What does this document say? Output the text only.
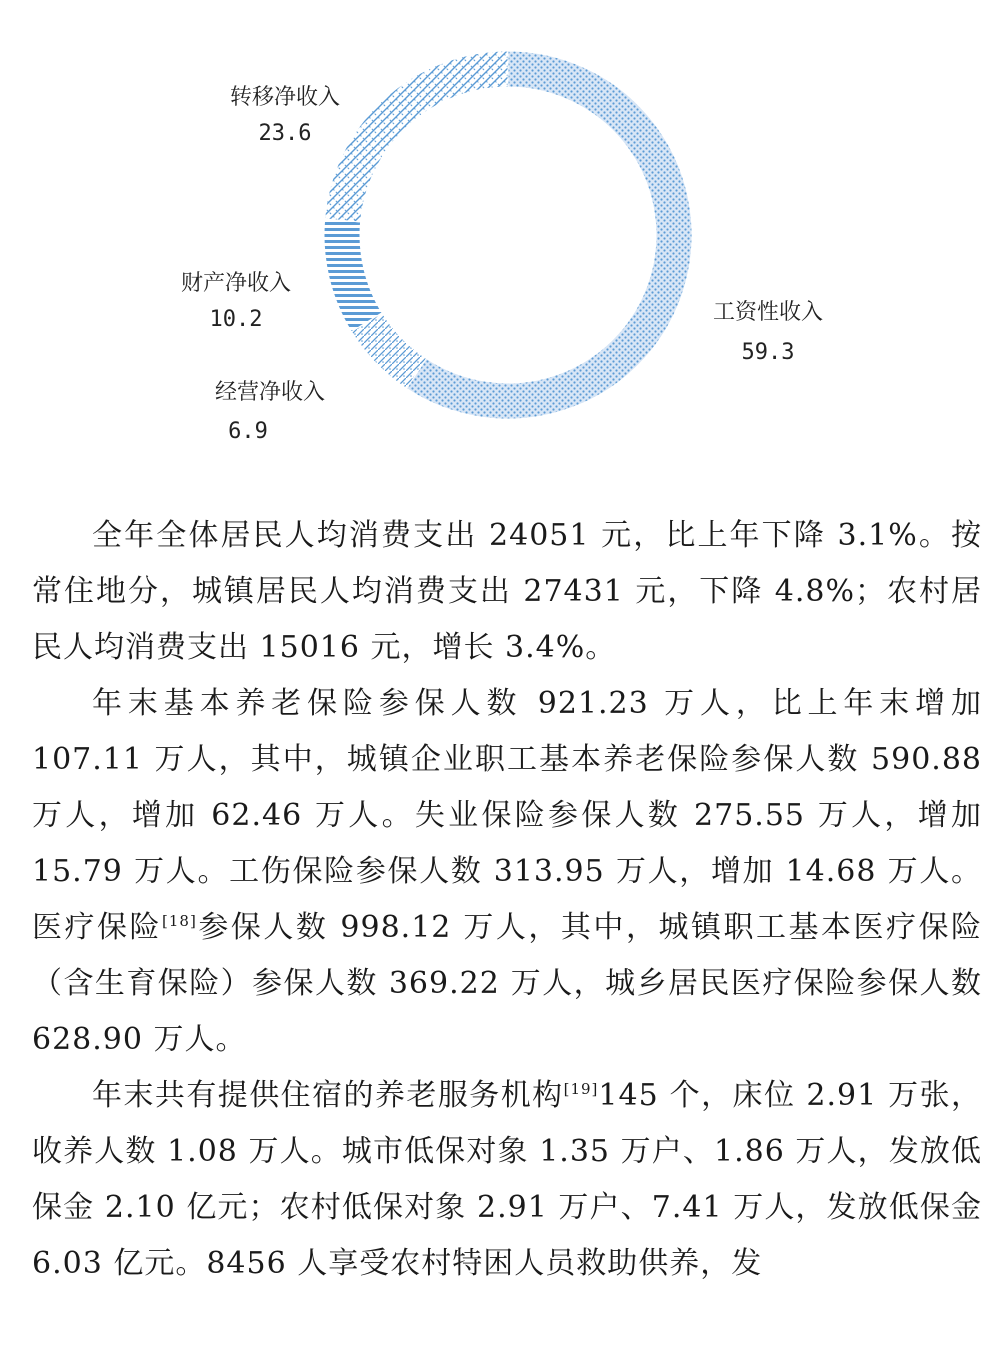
工资性收入
59.3
经营净收入
6.9
财产净收入
10.2
转移净收入
23.6

全年全体居民人均消费支出 24051 元，比上年下降 3.1%。按常住地分，城镇居民人均消费支出 27431 元，下降 4.8%；农村居民人均消费支出 15016 元，增长 3.4%。

年末基本养老保险参保人数 921.23 万人，比上年末增加 107.11 万人，其中，城镇企业职工基本养老保险参保人数 590.88 万人，增加 62.46 万人。失业保险参保人数 275.55 万人，增加 15.79 万人。工伤保险参保人数 313.95 万人，增加 14.68 万人。医疗保险[18]参保人数 998.12 万人，其中，城镇职工基本医疗保险（含生育保险）参保人数 369.22 万人，城乡居民医疗保险参保人数 628.90 万人。

年末共有提供住宿的养老服务机构[19]145 个，床位 2.91 万张，收养人数 1.08 万人。城市低保对象 1.35 万户、1.86 万人，发放低保金 2.10 亿元；农村低保对象 2.91 万户、7.41 万人，发放低保金 6.03 亿元。8456 人享受农村特困人员救助供养，发
